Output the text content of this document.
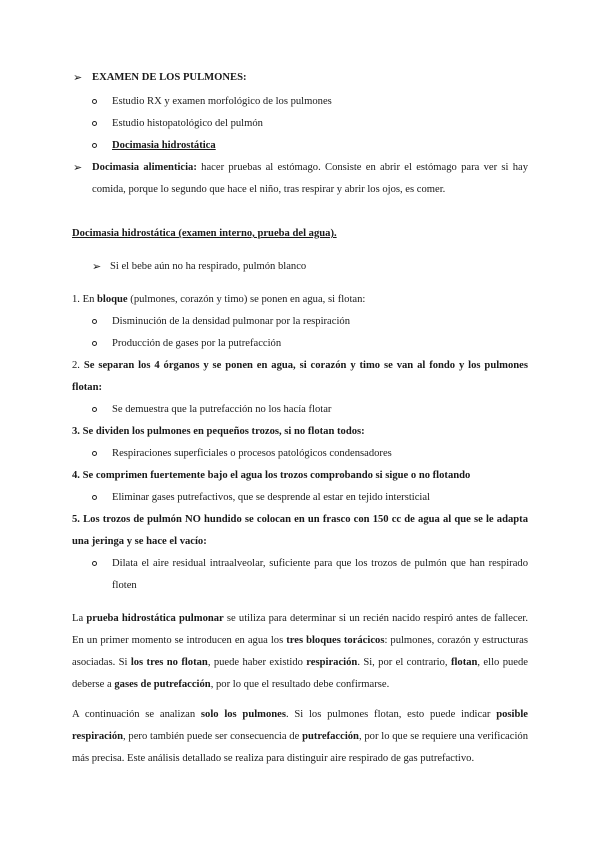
➢ EXAMEN DE LOS PULMONES:
Estudio RX y examen morfológico de los pulmones
Estudio histopatológico del pulmón
Docimasia hidrostática
➢ Docimasia alimenticia: hacer pruebas al estómago. Consiste en abrir el estómago para ver si hay
comida, porque lo segundo que hace el niño, tras respirar y abrir los ojos, es comer.
Docimasia hidrostática (examen interno, prueba del agua).
➢ Si el bebe aún no ha respirado, pulmón blanco
1. En bloque (pulmones, corazón y timo) se ponen en agua, si flotan:
Disminución de la densidad pulmonar por la respiración
Producción de gases por la putrefacción
2. Se separan los 4 órganos y se ponen en agua, si corazón y timo se van al fondo y los pulmones
flotan:
Se demuestra que la putrefacción no los hacía flotar
3. Se dividen los pulmones en pequeños trozos, si no flotan todos:
Respiraciones superficiales o procesos patológicos condensadores
4. Se comprimen fuertemente bajo el agua los trozos comprobando si sigue o no flotando
Eliminar gases putrefactivos, que se desprende al estar en tejido intersticial
5. Los trozos de pulmón NO hundido se colocan en un frasco con 150 cc de agua al que se le adapta
una jeringa y se hace el vacío:
Dilata el aire residual intraalveolar, suficiente para que los trozos de pulmón que han respirado
floten
La prueba hidrostática pulmonar se utiliza para determinar si un recién nacido respiró antes de fallecer.
En un primer momento se introducen en agua los tres bloques torácicos: pulmones, corazón y estructuras
asociadas. Si los tres no flotan, puede haber existido respiración. Si, por el contrario, flotan, ello puede
deberse a gases de putrefacción, por lo que el resultado debe confirmarse.
A continuación se analizan solo los pulmones. Si los pulmones flotan, esto puede indicar posible
respiración, pero también puede ser consecuencia de putrefacción, por lo que se requiere una verificación
más precisa. Este análisis detallado se realiza para distinguir aire respirado de gas putrefactivo.
